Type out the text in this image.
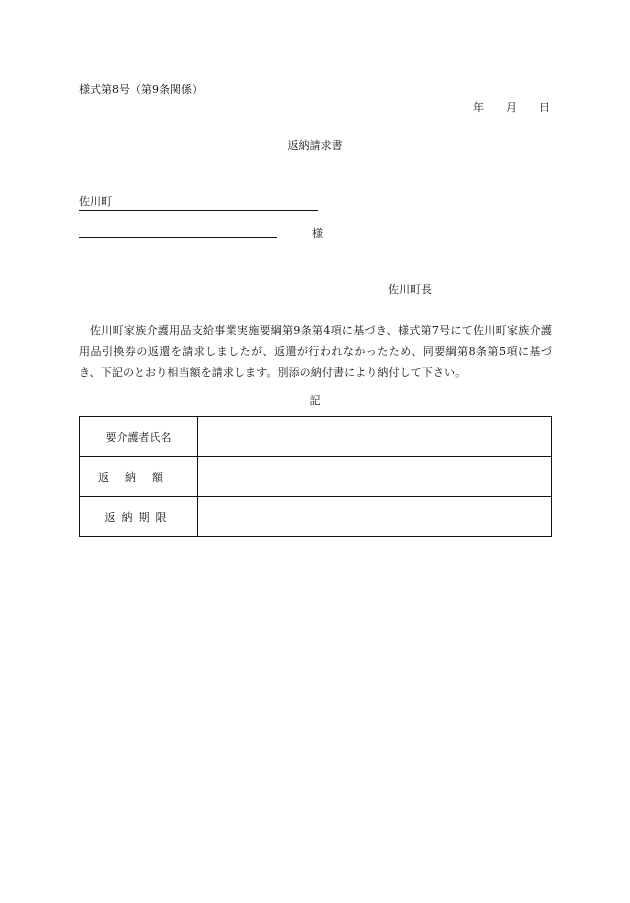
様式第8号（第9条関係）
年 月 日
返納請求書
佐川町
様
佐川町長
佐川町家族介護用品支給事業実施要綱第9条第4項に基づき、様式第7号にて佐川町家族介護用品引換券の返還を請求しましたが、返還が行われなかったため、同要綱第8条第5項に基づき、下記のとおり相当額を請求します。別添の納付書により納付して下さい。
記
要介護者氏名	
返納額	
返納期限	
